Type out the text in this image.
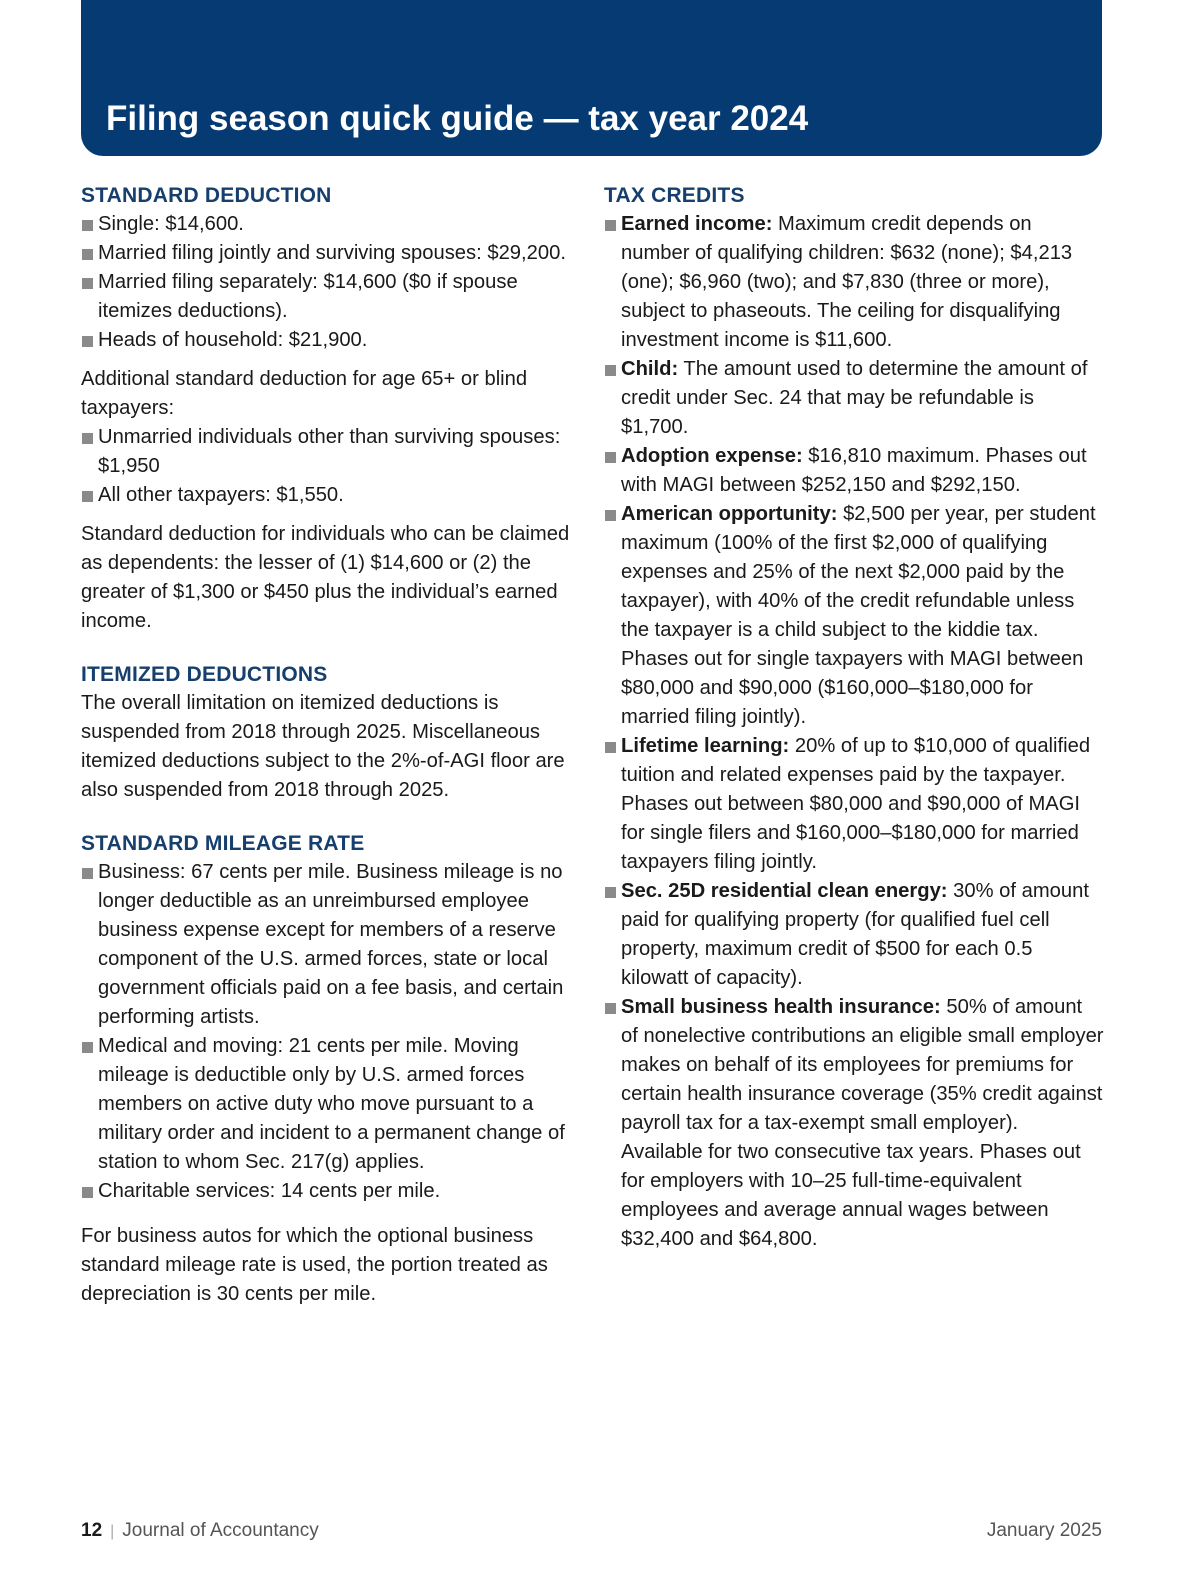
Filing season quick guide — tax year 2024
STANDARD DEDUCTION
Single: $14,600.
Married filing jointly and surviving spouses: $29,200.
Married filing separately: $14,600 ($0 if spouse itemizes deductions).
Heads of household: $21,900.

Additional standard deduction for age 65+ or blind taxpayers:

Unmarried individuals other than surviving spouses: $1,950
All other taxpayers: $1,550.

Standard deduction for individuals who can be claimed as dependents: the lesser of (1) $14,600 or (2) the greater of $1,300 or $450 plus the individual’s earned income.

ITEMIZED DEDUCTIONS

The overall limitation on itemized deductions is suspended from 2018 through 2025. Miscellaneous itemized deductions subject to the 2%-of-AGI floor are also suspended from 2018 through 2025.

STANDARD MILEAGE RATE
Business: 67 cents per mile. Business mileage is no longer deductible as an unreimbursed employee business expense except for members of a reserve component of the U.S. armed forces, state or local government officials paid on a fee basis, and certain performing artists.
Medical and moving: 21 cents per mile. Moving mileage is deductible only by U.S. armed forces members on active duty who move pursuant to a military order and incident to a permanent change of station to whom Sec. 217(g) applies.
Charitable services: 14 cents per mile.

For business autos for which the optional business standard mileage rate is used, the portion treated as depreciation is 30 cents per mile.

TAX CREDITS
Earned income: Maximum credit depends on number of qualifying children: $632 (none); $4,213 (one); $6,960 (two); and $7,830 (three or more), subject to phaseouts. The ceiling for disqualifying investment income is $11,600.
Child: The amount used to determine the amount of credit under Sec. 24 that may be refundable is $1,700.
Adoption expense: $16,810 maximum. Phases out with MAGI between $252,150 and $292,150.
American opportunity: $2,500 per year, per student maximum (100% of the first $2,000 of qualifying expenses and 25% of the next $2,000 paid by the taxpayer), with 40% of the credit refundable unless the taxpayer is a child subject to the kiddie tax. Phases out for single taxpayers with MAGI between $80,000 and $90,000 ($160,000–$180,000 for married filing jointly).
Lifetime learning: 20% of up to $10,000 of qualified tuition and related expenses paid by the taxpayer. Phases out between $80,000 and $90,000 of MAGI for single filers and $160,000–$180,000 for married taxpayers filing jointly.
Sec. 25D residential clean energy: 30% of amount paid for qualifying property (for qualified fuel cell property, maximum credit of $500 for each 0.5 kilowatt of capacity).
Small business health insurance: 50% of amount of nonelective contributions an eligible small employer makes on behalf of its employees for premiums for certain health insurance coverage (35% credit against payroll tax for a tax-exempt small employer). Available for two consecutive tax years. Phases out for employers with 10–25 full-time-equivalent employees and average annual wages between $32,400 and $64,800.
12 | Journal of Accountancy	January 2025
